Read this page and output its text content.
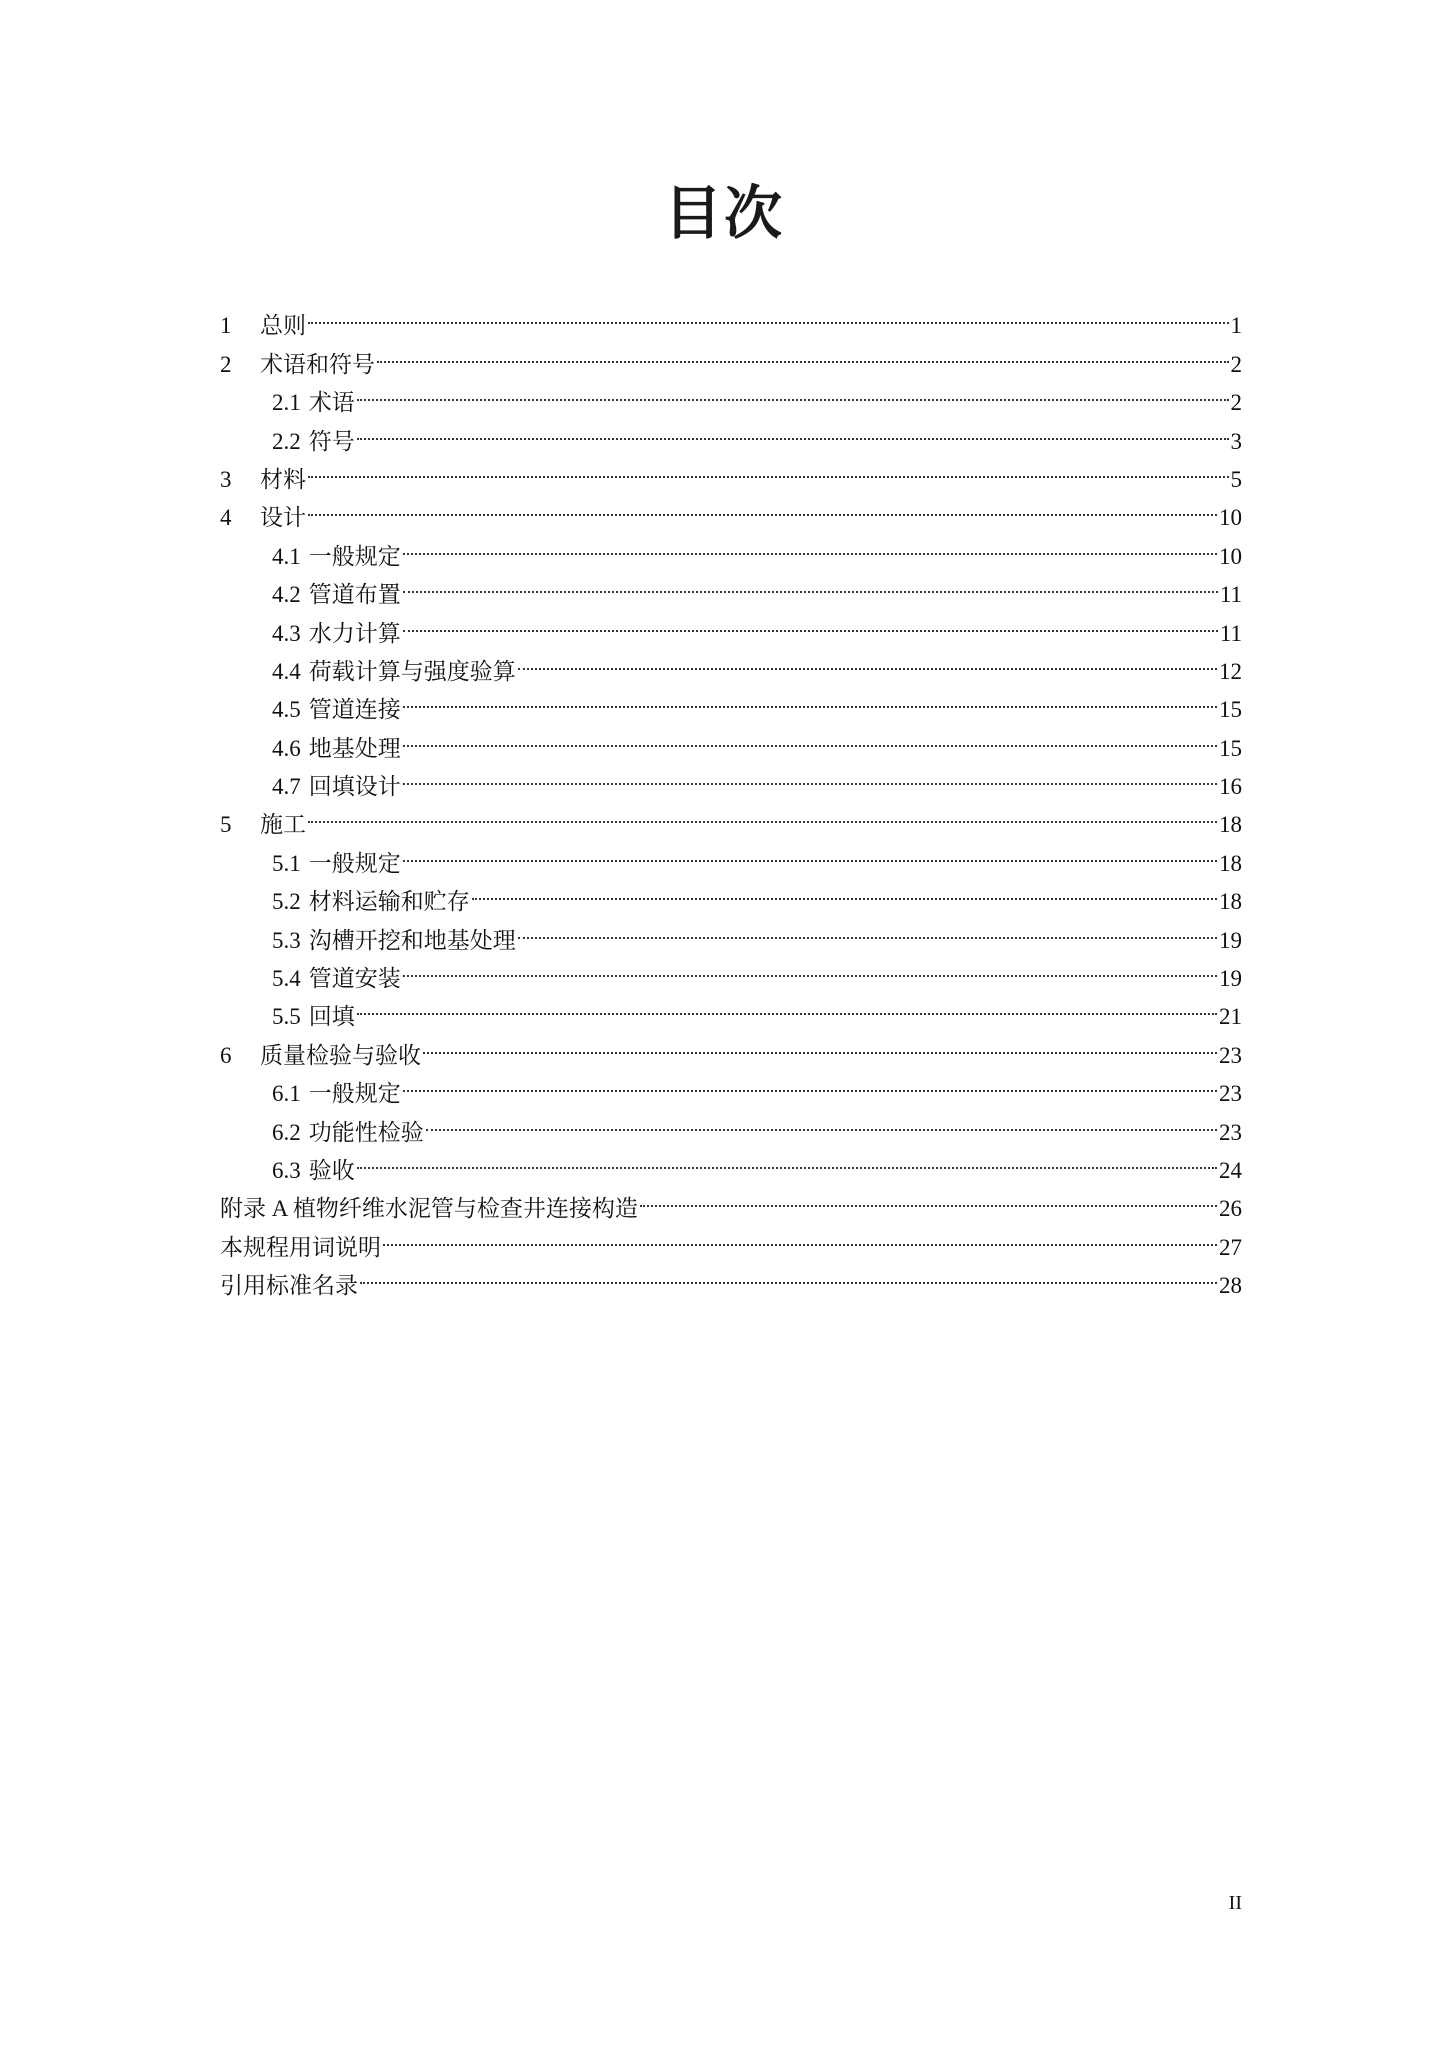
目次
1	总则	1
2	术语和符号	2
2.1 术语	2
2.2 符号	3
3	材料	5
4	设计	10
4.1 一般规定	10
4.2 管道布置	11
4.3 水力计算	11
4.4 荷载计算与强度验算	12
4.5 管道连接	15
4.6 地基处理	15
4.7 回填设计	16
5	施工	18
5.1 一般规定	18
5.2 材料运输和贮存	18
5.3 沟槽开挖和地基处理	19
5.4 管道安装	19
5.5 回填	21
6	质量检验与验收	23
6.1 一般规定	23
6.2 功能性检验	23
6.3 验收	24
附录 A 植物纤维水泥管与检查井连接构造	26
本规程用词说明	27
引用标准名录	28
II
